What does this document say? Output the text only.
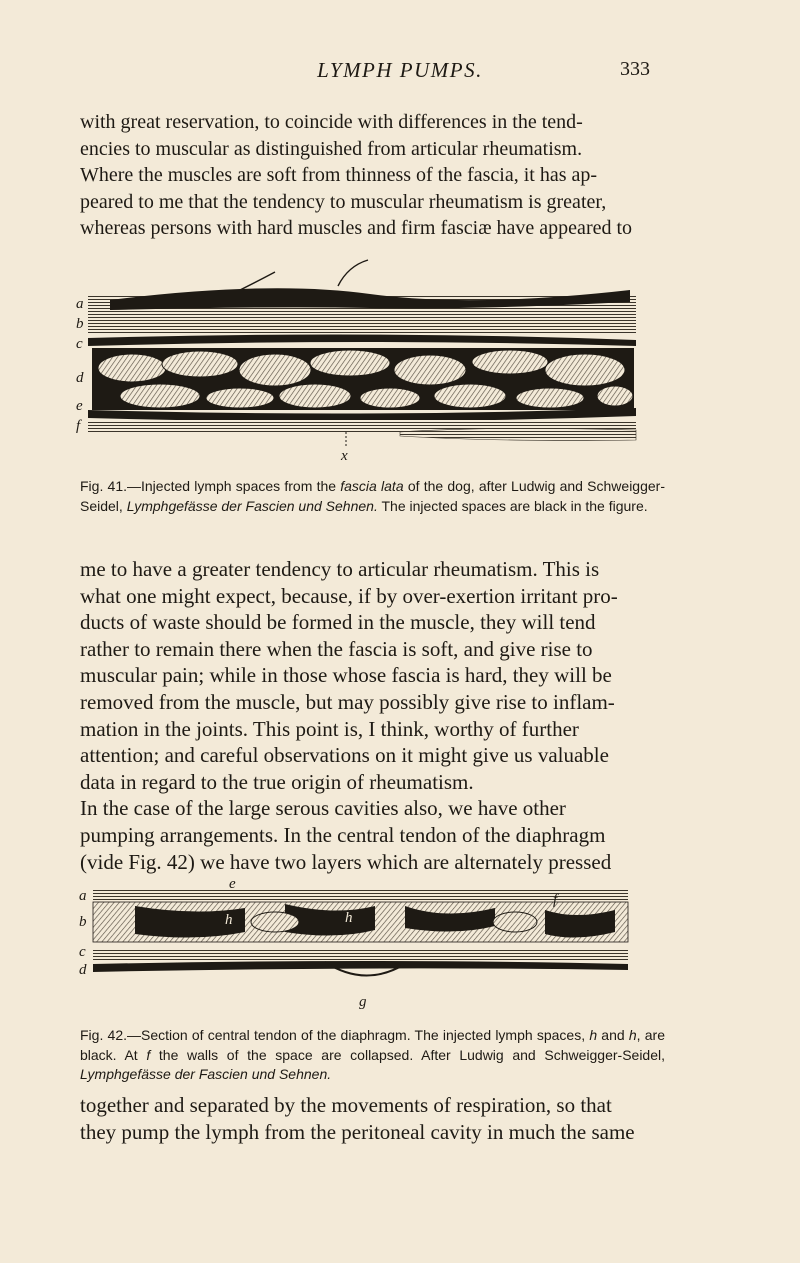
LYMPH PUMPS.	333
with great reservation, to coincide with differences in the tend-
encies to muscular as distinguished from articular rheumatism.
Where the muscles are soft from thinness of the fascia, it has ap-
peared to me that the tendency to muscular rheumatism is greater,
whereas persons with hard muscles and firm fasciæ have appeared to
a
b
c
d
e
f
x
Fig. 41.—Injected lymph spaces from the fascia lata of the dog, after Ludwig and Schweigger-Seidel, Lymphgefässe der Fascien und Sehnen. The injected spaces are black in the figure.
me to have a greater tendency to articular rheumatism. This is
what one might expect, because, if by over-exertion irritant pro-
ducts of waste should be formed in the muscle, they will tend
rather to remain there when the fascia is soft, and give rise to
muscular pain; while in those whose fascia is hard, they will be
removed from the muscle, but may possibly give rise to inflam-
mation in the joints. This point is, I think, worthy of further
attention; and careful observations on it might give us valuable
data in regard to the true origin of rheumatism.
In the case of the large serous cavities also, we have other
pumping arrangements. In the central tendon of the diaphragm
(vide Fig. 42) we have two layers which are alternately pressed
a
b
c
d
e
f
g
h	h
Fig. 42.—Section of central tendon of the diaphragm. The injected lymph spaces, h and h, are black. At f the walls of the space are collapsed. After Ludwig and Schweigger-Seidel, Lymphgefässe der Fascien und Sehnen.
together and separated by the movements of respiration, so that
they pump the lymph from the peritoneal cavity in much the same
